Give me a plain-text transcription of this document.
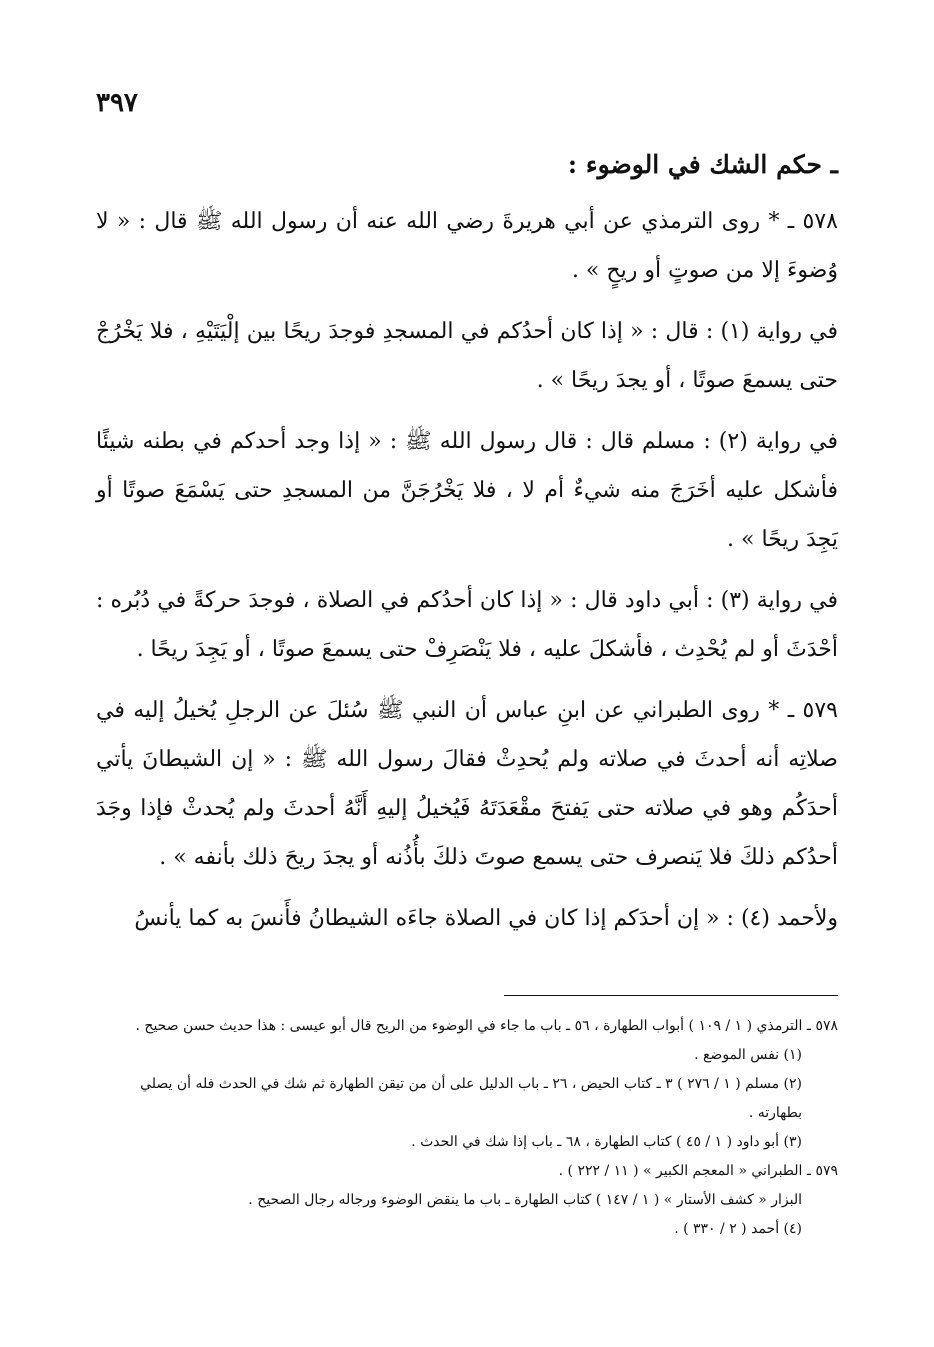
٣٩٧
ـ حكم الشك في الوضوء :

٥٧٨ ـ * روى الترمذي عن أبي هريرةَ رضي الله عنه أن رسول الله ﷺ قال : « لا وُضوءَ إلا من صوتٍ أو ريحٍ » .

في رواية (١) : قال : « إذا كان أحدُكم في المسجدِ فوجدَ ريحًا بين إلْيَتَيْهِ ، فلا يَخْرُجْ حتى يسمعَ صوتًا ، أو يجدَ ريحًا » .

في رواية (٢) : مسلم قال : قال رسول الله ﷺ : « إذا وجد أحدكم في بطنه شيئًا فأشكل عليه أخَرَجَ منه شيءٌ أم لا ، فلا يَخْرُجَنَّ من المسجدِ حتى يَسْمَعَ صوتًا أو يَجِدَ ريحًا » .

في رواية (٣) : أبي داود قال : « إذا كان أحدُكم في الصلاة ، فوجدَ حركةً في دُبُره : أحْدَثَ أو لم يُحْدِث ، فأشكلَ عليه ، فلا يَنْصَرِفْ حتى يسمعَ صوتًا ، أو يَجِدَ ريحًا .

٥٧٩ ـ * روى الطبراني عن ابنِ عباس أن النبي ﷺ سُئلَ عن الرجلِ يُخيلُ إليه في صلاتِه أنه أحدثَ في صلاته ولم يُحدِثْ فقالَ رسول الله ﷺ : « إن الشيطانَ يأتي أحدَكُم وهو في صلاته حتى يَفتحَ مقْعَدَتَهُ فَيُخيلُ إليهِ أَنَّهُ أحدثَ ولم يُحدثْ فإذا وجَدَ أحدُكم ذلكَ فلا يَنصرف حتى يسمع صوتَ ذلكَ بأُذُنه أو يجدَ ريحَ ذلك بأنفه » .

ولأحمد (٤) : « إن أحدَكم إذا كان في الصلاة جاءَه الشيطانُ فأَنسَ به كما يأنسُ

٥٧٨ ـ الترمذي ( ١ / ١٠٩ ) أبواب الطهارة ، ٥٦ ـ باب ما جاء في الوضوء من الريح قال أبو عيسى : هذا حديث حسن صحيح .

(١) نفس الموضع .

(٢) مسلم ( ١ / ٢٧٦ ) ٣ ـ كتاب الحيض ، ٢٦ ـ باب الدليل على أن من تيقن الطهارة ثم شك في الحدث فله أن يصلي بطهارته .

(٣) أبو داود ( ١ / ٤٥ ) كتاب الطهارة ، ٦٨ ـ باب إذا شك في الحدث .

٥٧٩ ـ الطبراني « المعجم الكبير » ( ١١ / ٢٢٢ ) .

البزار « كشف الأستار » ( ١ / ١٤٧ ) كتاب الطهارة ـ باب ما ينقض الوضوء ورجاله رجال الصحيح .

(٤) أحمد ( ٢ / ٣٣٠ ) .
